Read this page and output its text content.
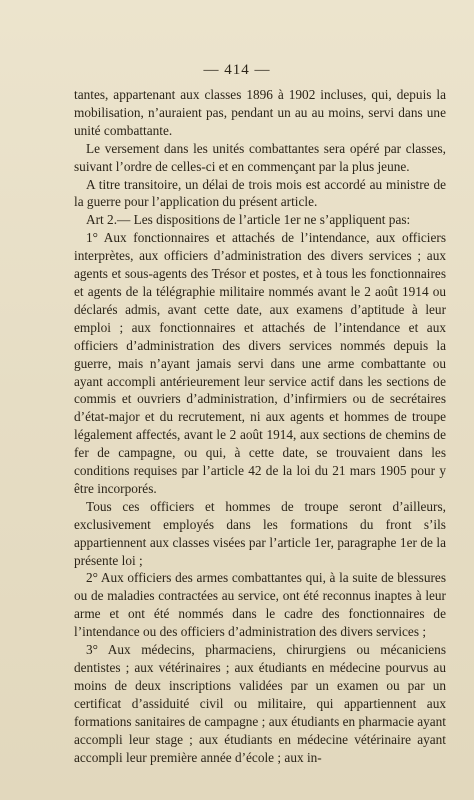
— 414 —

tantes, appartenant aux classes 1896 à 1902 incluses, qui, depuis la mobilisation, n’auraient pas, pendant un au au moins, servi dans une unité combattante.

Le versement dans les unités combattantes sera opéré par classes, suivant l’ordre de celles-ci et en commençant par la plus jeune.

A titre transitoire, un délai de trois mois est accordé au ministre de la guerre pour l’application du présent article.

Art 2.— Les dispositions de l’article 1er ne s’appliquent pas:

1° Aux fonctionnaires et attachés de l’intendance, aux officiers interprètes, aux officiers d’administration des divers services ; aux agents et sous-agents des Trésor et postes, et à tous les fonctionnaires et agents de la télégraphie militaire nommés avant le 2 août 1914 ou déclarés admis, avant cette date, aux examens d’aptitude à leur emploi ; aux fonctionnaires et attachés de l’intendance et aux officiers d’administration des divers services nommés depuis la guerre, mais n’ayant jamais servi dans une arme combattante ou ayant accompli antérieurement leur service actif dans les sections de commis et ouvriers d’administration, d’infirmiers ou de secrétaires d’état-major et du recrutement, ni aux agents et hommes de troupe légalement affectés, avant le 2 août 1914, aux sections de chemins de fer de campagne, ou qui, à cette date, se trouvaient dans les conditions requises par l’article 42 de la loi du 21 mars 1905 pour y être incorporés.

Tous ces officiers et hommes de troupe seront d’ailleurs, exclusivement employés dans les formations du front s’ils appartiennent aux classes visées par l’article 1er, paragraphe 1er de la présente loi ;

2° Aux officiers des armes combattantes qui, à la suite de blessures ou de maladies contractées au service, ont été reconnus inaptes à leur arme et ont été nommés dans le cadre des fonctionnaires de l’intendance ou des officiers d’administration des divers services ;

3° Aux médecins, pharmaciens, chirurgiens ou mécaniciens dentistes ; aux vétérinaires ; aux étudiants en médecine pourvus au moins de deux inscriptions validées par un examen ou par un certificat d’assiduité civil ou militaire, qui appartiennent aux formations sanitaires de campagne ; aux étudiants en pharmacie ayant accompli leur stage ; aux étudiants en médecine vétérinaire ayant accompli leur première année d’école ; aux in-
